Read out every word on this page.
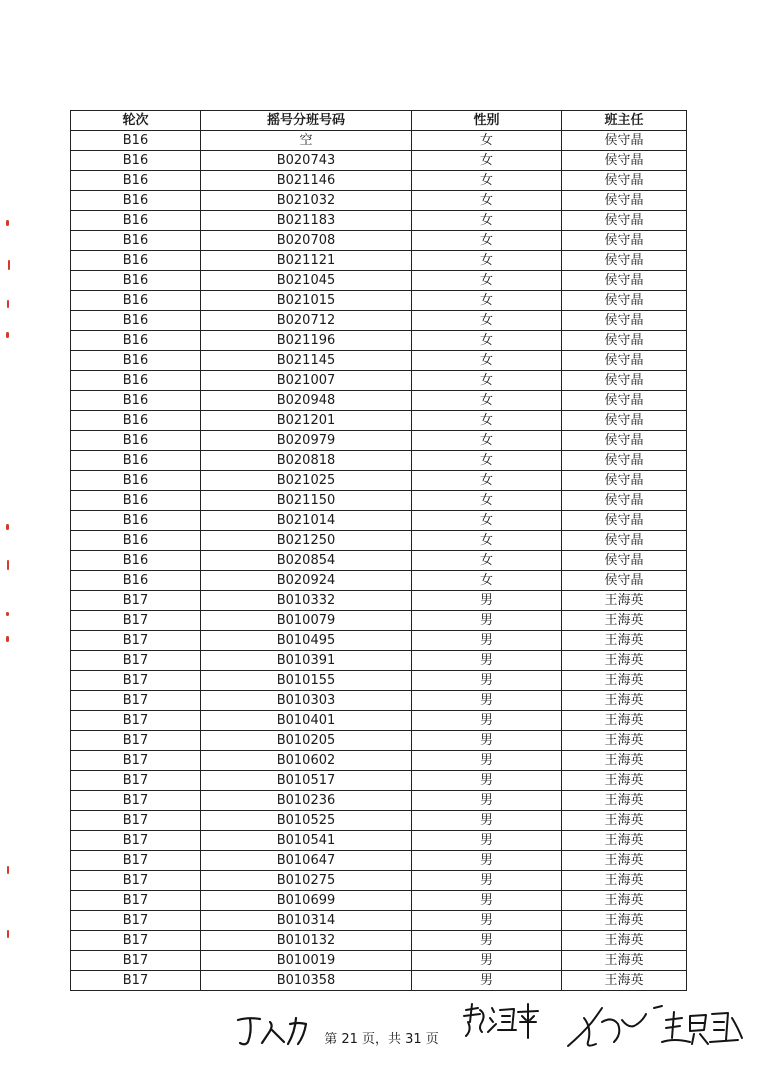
轮次	摇号分班号码	性别	班主任
B16	空	女	侯守晶
B16	B020743	女	侯守晶
B16	B021146	女	侯守晶
B16	B021032	女	侯守晶
B16	B021183	女	侯守晶
B16	B020708	女	侯守晶
B16	B021121	女	侯守晶
B16	B021045	女	侯守晶
B16	B021015	女	侯守晶
B16	B020712	女	侯守晶
B16	B021196	女	侯守晶
B16	B021145	女	侯守晶
B16	B021007	女	侯守晶
B16	B020948	女	侯守晶
B16	B021201	女	侯守晶
B16	B020979	女	侯守晶
B16	B020818	女	侯守晶
B16	B021025	女	侯守晶
B16	B021150	女	侯守晶
B16	B021014	女	侯守晶
B16	B021250	女	侯守晶
B16	B020854	女	侯守晶
B16	B020924	女	侯守晶
B17	B010332	男	王海英
B17	B010079	男	王海英
B17	B010495	男	王海英
B17	B010391	男	王海英
B17	B010155	男	王海英
B17	B010303	男	王海英
B17	B010401	男	王海英
B17	B010205	男	王海英
B17	B010602	男	王海英
B17	B010517	男	王海英
B17	B010236	男	王海英
B17	B010525	男	王海英
B17	B010541	男	王海英
B17	B010647	男	王海英
B17	B010275	男	王海英
B17	B010699	男	王海英
B17	B010314	男	王海英
B17	B010132	男	王海英
B17	B010019	男	王海英
B17	B010358	男	王海英
第 21 页，共 31 页
